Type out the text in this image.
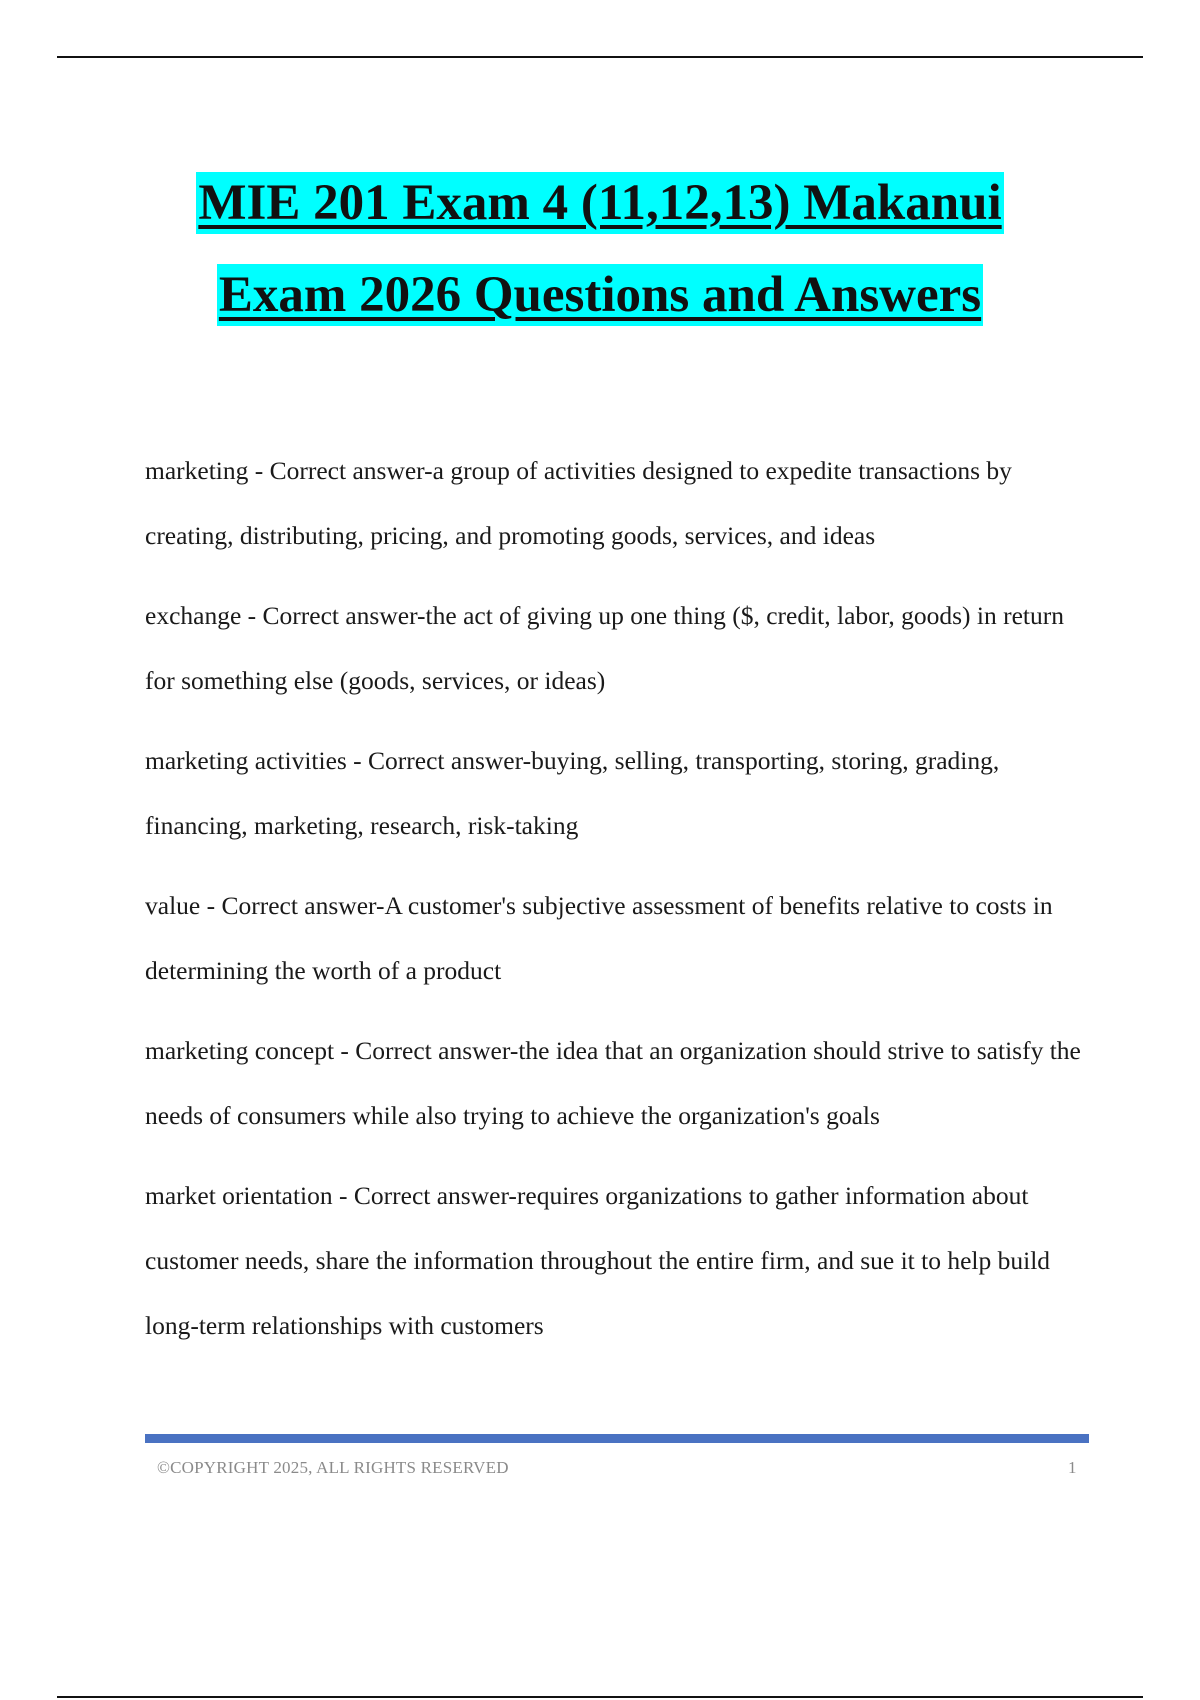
MIE 201 Exam 4 (11,12,13) Makanui
Exam 2026 Questions and Answers

marketing - Correct answer-a group of activities designed to expedite transactions by creating, distributing, pricing, and promoting goods, services, and ideas

exchange - Correct answer-the act of giving up one thing ($, credit, labor, goods) in return for something else (goods, services, or ideas)

marketing activities - Correct answer-buying, selling, transporting, storing, grading, financing, marketing, research, risk-taking

value - Correct answer-A customer's subjective assessment of benefits relative to costs in determining the worth of a product

marketing concept - Correct answer-the idea that an organization should strive to satisfy the needs of consumers while also trying to achieve the organization's goals

market orientation - Correct answer-requires organizations to gather information about customer needs, share the information throughout the entire firm, and sue it to help build long-term relationships with customers

©COPYRIGHT 2025, ALL RIGHTS RESERVED	1
